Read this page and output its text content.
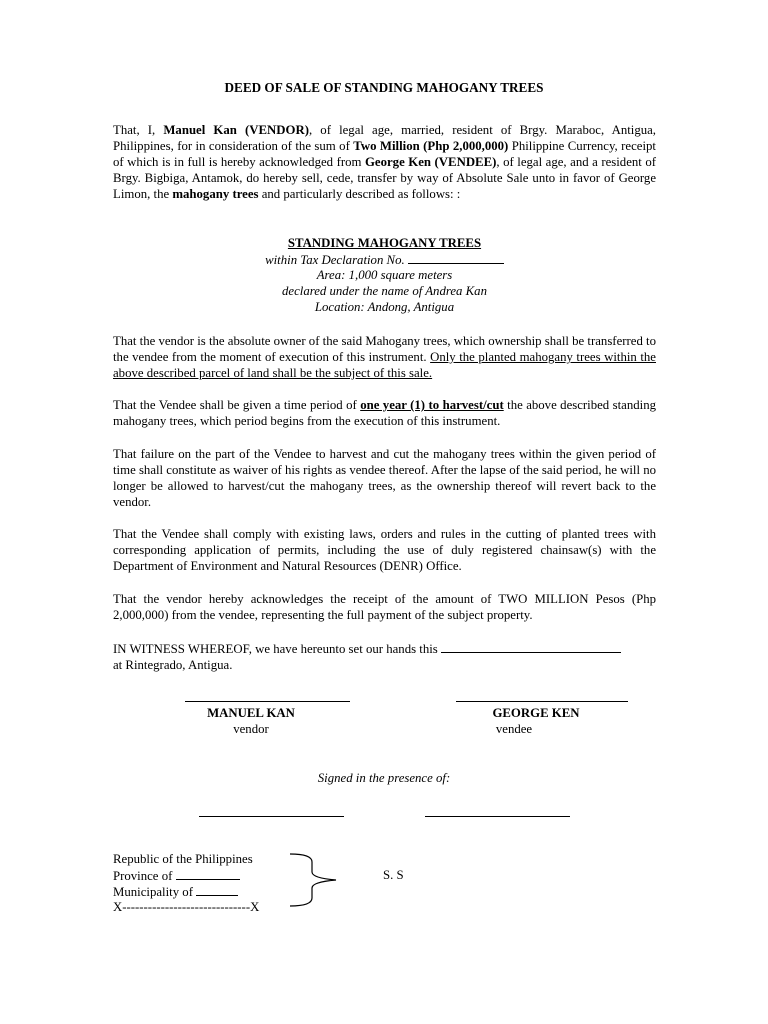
DEED OF SALE OF STANDING MAHOGANY TREES

That, I, Manuel Kan (VENDOR), of legal age, married, resident of Brgy. Maraboc, Antigua, Philippines, for in consideration of the sum of Two Million (Php 2,000,000) Philippine Currency, receipt of which is in full is hereby acknowledged from George Ken (VENDEE), of legal age, and a resident of Brgy. Bigbiga, Antamok, do hereby sell, cede, transfer by way of Absolute Sale unto in favor of George Limon, the mahogany trees and particularly described as follows: :

STANDING MAHOGANY TREES
within Tax Declaration No.
Area: 1,000 square meters
declared under the name of Andrea Kan
Location: Andong, Antigua

That the vendor is the absolute owner of the said Mahogany trees, which ownership shall be transferred to the vendee from the moment of execution of this instrument. Only the planted mahogany trees within the above described parcel of land shall be the subject of this sale.

That the Vendee shall be given a time period of one year (1) to harvest/cut the above described standing mahogany trees, which period begins from the execution of this instrument.

That failure on the part of the Vendee to harvest and cut the mahogany trees within the given period of time shall constitute as waiver of his rights as vendee thereof. After the lapse of the said period, he will no longer be allowed to harvest/cut the mahogany trees, as the ownership thereof will revert back to the vendor.

That the Vendee shall comply with existing laws, orders and rules in the cutting of planted trees with corresponding application of permits, including the use of duly registered chainsaw(s) with the Department of Environment and Natural Resources (DENR) Office.

That the vendor hereby acknowledges the receipt of the amount of TWO MILLION Pesos (Php 2,000,000) from the vendee, representing the full payment of the subject property.

IN WITNESS WHEREOF, we have hereunto set our hands this
at Rintegrado, Antigua.

MANUEL KAN
vendor
GEORGE KEN
vendee
Signed in the presence of:
Republic of the Philippines
Province of
Municipality of
X------------------------------X
S. S
